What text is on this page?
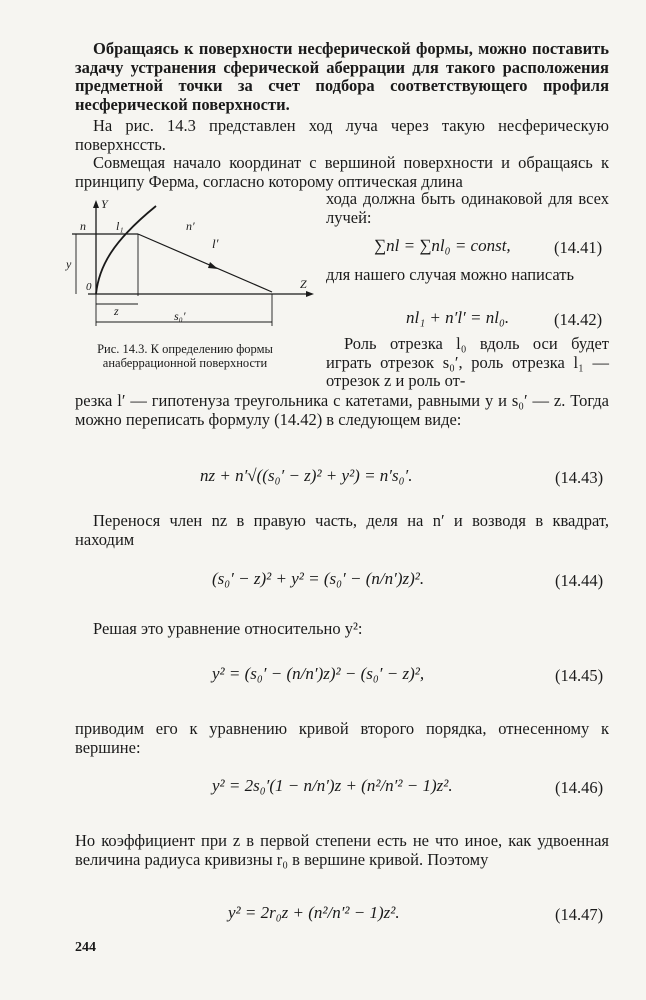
Обращаясь к поверхности несферической формы, можно поставить задачу устранения сферической аберрации для такого расположения предметной точки за счет подбора соответствующего профиля несферической поверхности.

На рис. 14.3 представлен ход луча через такую несферическую поверхнссть.

Совмещая начало координат с вершиной поверхности и обращаясь к принципу Ферма, согласно которому оптическая длина

Y
n	l₁	n′
l′
y
0	Z
z	s₀′
Рис. 14.3. К определению формы
анаберрационной поверхности

хода должна быть одинаковой для всех лучей:

∑nl = ∑nl₀ = const,	(14.41)

для нашего случая можно написать

nl₁ + n′l′ = nl₀.	(14.42)

Роль отрезка l₀ вдоль оси будет играть отрезок s₀′, роль отрезка l₁ — отрезок z и роль от-

резка l′ — гипотенуза треугольника с катетами, равными y и s₀′ — z. Тогда можно переписать формулу (14.42) в следующем виде:

nz + n′√((s₀′ − z)² + y²) = n′s₀′.	(14.43)

Перенося член nz в правую часть, деля на n′ и возводя в квадрат, находим

(s₀′ − z)² + y² = (s₀′ − (n/n′)z)².	(14.44)

Решая это уравнение относительно y²:

y² = (s₀′ − (n/n′)z)² − (s₀′ − z)²,	(14.45)

приводим его к уравнению кривой второго порядка, отнесенному к вершине:

y² = 2s₀′(1 − n/n′)z + (n²/n′² − 1)z².	(14.46)

Но коэффициент при z в первой степени есть не что иное, как удвоенная величина радиуса кривизны r₀ в вершине кривой. Поэтому

y² = 2r₀z + (n²/n′² − 1)z².	(14.47)
244
